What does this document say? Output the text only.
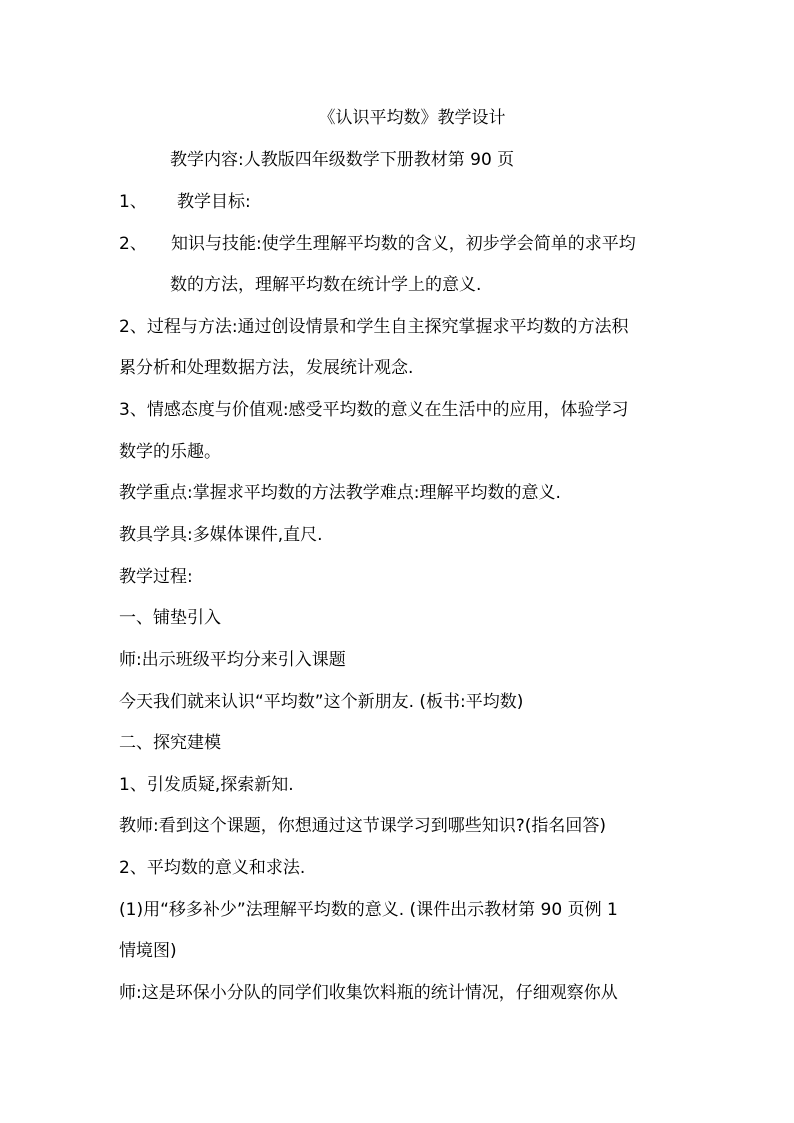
《认识平均数》教学设计
教学内容:人教版四年级数学下册教材第 90 页
1、 教学目标:
2、 知识与技能:使学生理解平均数的含义，初步学会简单的求平均
数的方法，理解平均数在统计学上的意义.
2、过程与方法:通过创设情景和学生自主探究掌握求平均数的方法积
累分析和处理数据方法，发展统计观念.
3、情感态度与价值观:感受平均数的意义在生活中的应用，体验学习
数学的乐趣。
教学重点:掌握求平均数的方法教学难点:理解平均数的意义.
教具学具:多媒体课件,直尺.
教学过程:
一、铺垫引入
师:出示班级平均分来引入课题
今天我们就来认识“平均数”这个新朋友. (板书:平均数)
二、探究建模
1、引发质疑,探索新知.
教师:看到这个课题，你想通过这节课学习到哪些知识?(指名回答)
2、平均数的意义和求法.
(1)用“移多补少”法理解平均数的意义. (课件出示教材第 90 页例 1
情境图)
师:这是环保小分队的同学们收集饮料瓶的统计情况，仔细观察你从
